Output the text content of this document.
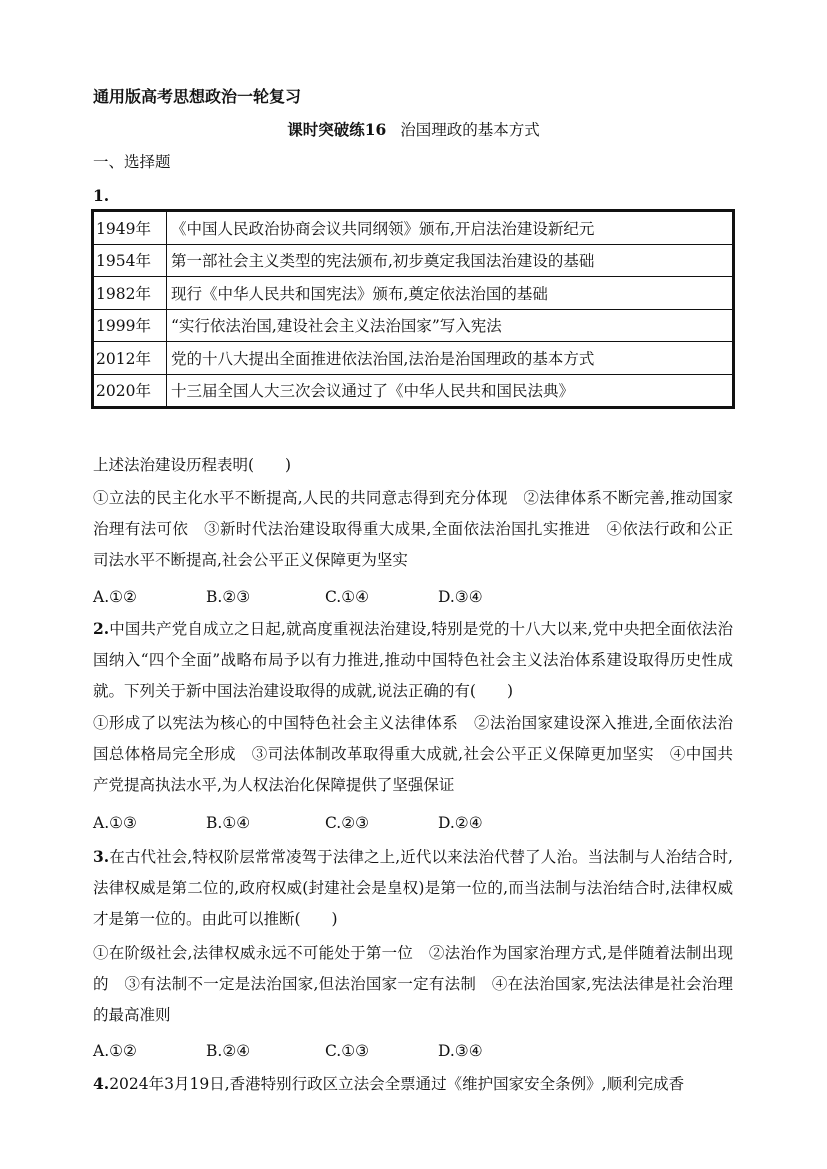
通用版高考思想政治一轮复习
课时突破练16 治国理政的基本方式
一、选择题
1.
1949年	《中国人民政治协商会议共同纲领》颁布,开启法治建设新纪元
1954年	第一部社会主义类型的宪法颁布,初步奠定我国法治建设的基础
1982年	现行《中华人民共和国宪法》颁布,奠定依法治国的基础
1999年	“实行依法治国,建设社会主义法治国家”写入宪法
2012年	党的十八大提出全面推进依法治国,法治是治国理政的基本方式
2020年	十三届全国人大三次会议通过了《中华人民共和国民法典》
上述法治建设历程表明(　　)
①立法的民主化水平不断提高,人民的共同意志得到充分体现　②法律体系不断完善,推动国家治理有法可依　③新时代法治建设取得重大成果,全面依法治国扎实推进　④依法行政和公正司法水平不断提高,社会公平正义保障更为坚实
A.①②	B.②③	C.①④	D.③④
2.中国共产党自成立之日起,就高度重视法治建设,特别是党的十八大以来,党中央把全面依法治国纳入“四个全面”战略布局予以有力推进,推动中国特色社会主义法治体系建设取得历史性成就。下列关于新中国法治建设取得的成就,说法正确的有(　　)
①形成了以宪法为核心的中国特色社会主义法律体系　②法治国家建设深入推进,全面依法治国总体格局完全形成　③司法体制改革取得重大成就,社会公平正义保障更加坚实　④中国共产党提高执法水平,为人权法治化保障提供了坚强保证
A.①③	B.①④	C.②③	D.②④
3.在古代社会,特权阶层常常凌驾于法律之上,近代以来法治代替了人治。当法制与人治结合时,法律权威是第二位的,政府权威(封建社会是皇权)是第一位的,而当法制与法治结合时,法律权威才是第一位的。由此可以推断(　　)
①在阶级社会,法律权威永远不可能处于第一位　②法治作为国家治理方式,是伴随着法制出现的　③有法制不一定是法治国家,但法治国家一定有法制　④在法治国家,宪法法律是社会治理的最高准则
A.①②	B.②④	C.①③	D.③④
4.2024年3月19日,香港特别行政区立法会全票通过《维护国家安全条例》,顺利完成香
